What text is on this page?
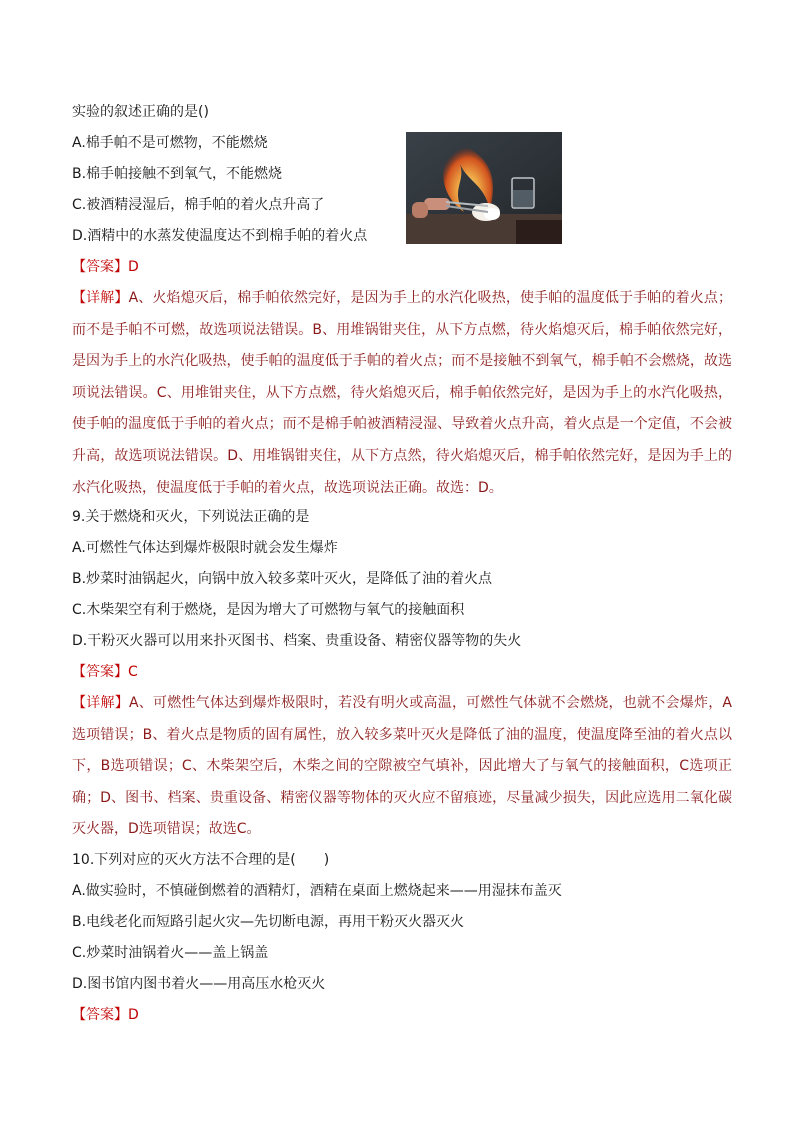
实验的叙述正确的是()
A.棉手帕不是可燃物，不能燃烧
B.棉手帕接触不到氧气，不能燃烧
C.被酒精浸湿后，棉手帕的着火点升高了
D.酒精中的水蒸发使温度达不到棉手帕的着火点
【答案】D
【详解】A、火焰熄灭后，棉手帕依然完好，是因为手上的水汽化吸热，使手帕的温度低于手帕的着火点；而不是手帕不可燃，故选项说法错误。B、用堆锅钳夹住，从下方点燃，待火焰熄灭后，棉手帕依然完好，是因为手上的水汽化吸热，使手帕的温度低于手帕的着火点；而不是接触不到氧气，棉手帕不会燃烧，故选项说法错误。C、用堆钳夹住，从下方点燃，待火焰熄灭后，棉手帕依然完好，是因为手上的水汽化吸热，使手帕的温度低于手帕的着火点；而不是棉手帕被酒精浸湿、导致着火点升高，着火点是一个定值，不会被升高，故选项说法错误。D、用堆锅钳夹住，从下方点然，待火焰熄灭后，棉手帕依然完好，是因为手上的水汽化吸热，使温度低于手帕的着火点，故选项说法正确。故选：D。
9.关于燃烧和灭火，下列说法正确的是
A.可燃性气体达到爆炸极限时就会发生爆炸
B.炒菜时油锅起火，向锅中放入较多菜叶灭火，是降低了油的着火点
C.木柴架空有利于燃烧，是因为增大了可燃物与氧气的接触面积
D.干粉灭火器可以用来扑灭图书、档案、贵重设备、精密仪器等物的失火
【答案】C
【详解】A、可燃性气体达到爆炸极限时，若没有明火或高温，可燃性气体就不会燃烧，也就不会爆炸，A选项错误；B、着火点是物质的固有属性，放入较多菜叶灭火是降低了油的温度，使温度降至油的着火点以下，B选项错误；C、木柴架空后，木柴之间的空隙被空气填补，因此增大了与氧气的接触面积，C选项正确；D、图书、档案、贵重设备、精密仪器等物体的灭火应不留痕迹，尽量减少损失，因此应选用二氧化碳灭火器，D选项错误；故选C。
10.下列对应的灭火方法不合理的是(　　)
A.做实验时，不慎碰倒燃着的酒精灯，酒精在桌面上燃烧起来——用湿抹布盖灭
B.电线老化而短路引起火灾—先切断电源，再用干粉灭火器灭火
C.炒菜时油锅着火——盖上锅盖
D.图书馆内图书着火——用高压水枪灭火
【答案】D
